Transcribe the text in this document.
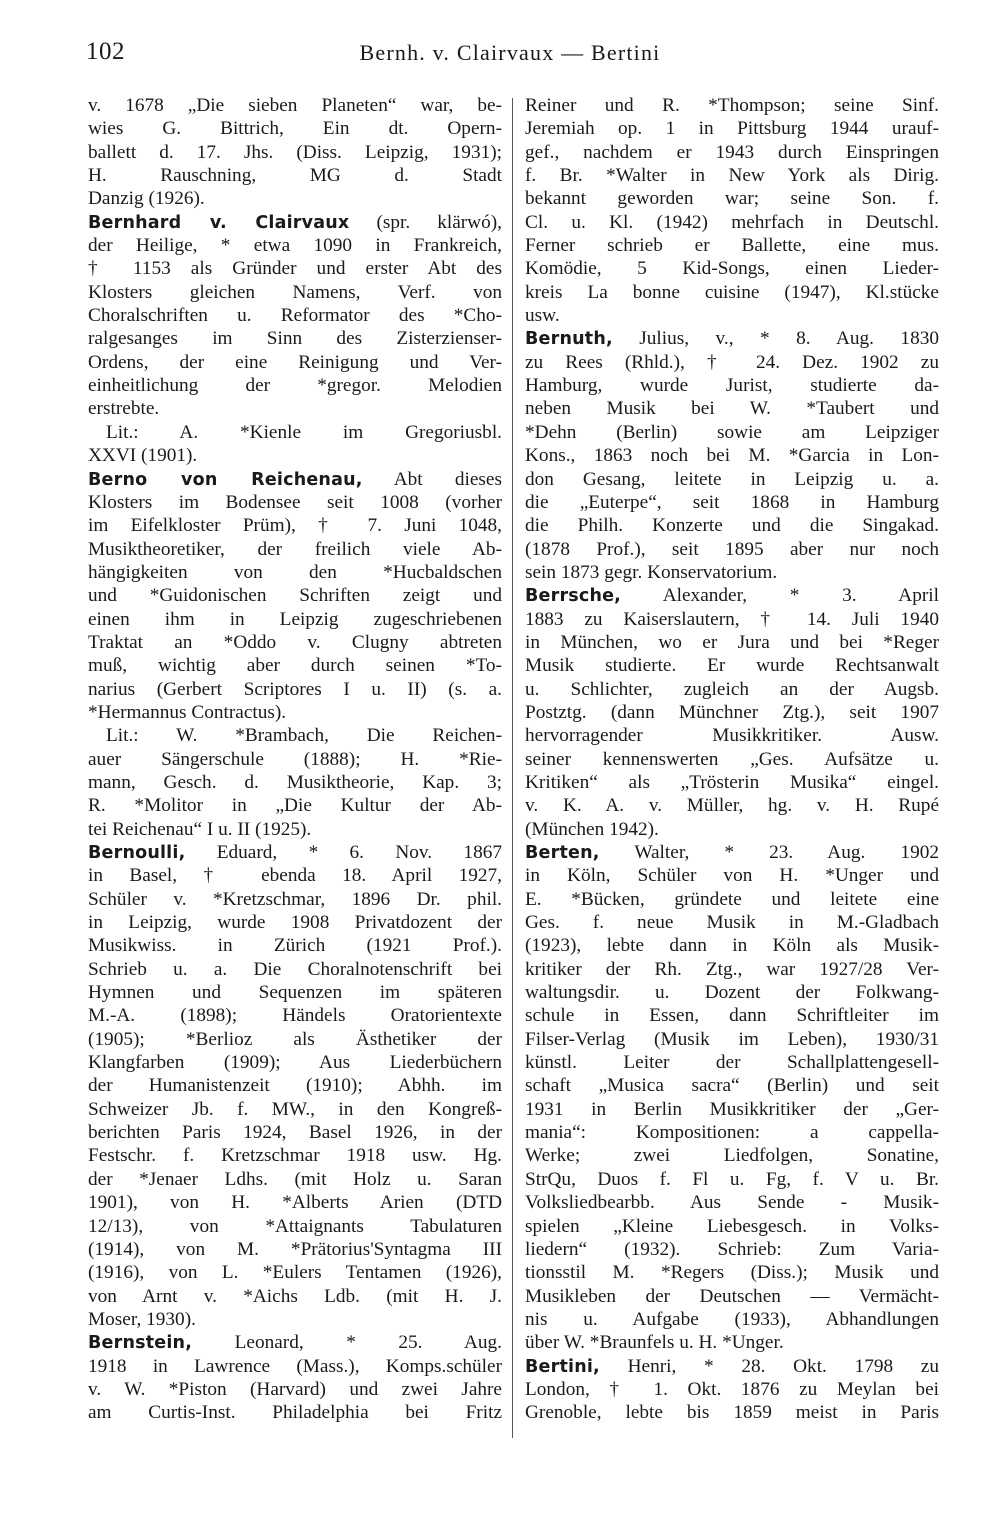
102	Bernh. v. Clairvaux — Bertini
v. 1678 „Die sieben Planeten“ war, be-
wies G. Bittrich, Ein dt. Opern-
ballett d. 17. Jhs. (Diss. Leipzig, 1931);
H. Rauschning, MG d. Stadt
Danzig (1926).
Bernhard v. Clairvaux (spr. klärwó),
der Heilige, * etwa 1090 in Frankreich,
† 1153 als Gründer und erster Abt des
Klosters gleichen Namens, Verf. von
Choralschriften u. Reformator des *Cho-
ralgesanges im Sinn des Zisterzienser-
Ordens, der eine Reinigung und Ver-
einheitlichung der *gregor. Melodien
erstrebte.
Lit.: A. *Kienle im Gregoriusbl.
XXVI (1901).
Berno von Reichenau, Abt dieses
Klosters im Bodensee seit 1008 (vorher
im Eifelkloster Prüm), † 7. Juni 1048,
Musiktheoretiker, der freilich viele Ab-
hängigkeiten von den *Hucbaldschen
und *Guidonischen Schriften zeigt und
einen ihm in Leipzig zugeschriebenen
Traktat an *Oddo v. Clugny abtreten
muß, wichtig aber durch seinen *To-
narius (Gerbert Scriptores I u. II) (s. a.
*Hermannus Contractus).
Lit.: W. *Brambach, Die Reichen-
auer Sängerschule (1888); H. *Rie-
mann, Gesch. d. Musiktheorie, Kap. 3;
R. *Molitor in „Die Kultur der Ab-
tei Reichenau“ I u. II (1925).
Bernoulli, Eduard, * 6. Nov. 1867
in Basel, † ebenda 18. April 1927,
Schüler v. *Kretzschmar, 1896 Dr. phil.
in Leipzig, wurde 1908 Privatdozent der
Musikwiss. in Zürich (1921 Prof.).
Schrieb u. a. Die Choralnotenschrift bei
Hymnen und Sequenzen im späteren
M.-A. (1898); Händels Oratorientexte
(1905); *Berlioz als Ästhetiker der
Klangfarben (1909); Aus Liederbüchern
der Humanistenzeit (1910); Abhh. im
Schweizer Jb. f. MW., in den Kongreß-
berichten Paris 1924, Basel 1926, in der
Festschr. f. Kretzschmar 1918 usw. Hg.
der *Jenaer Ldhs. (mit Holz u. Saran
1901), von H. *Alberts Arien (DTD
12/13), von *Attaignants Tabulaturen
(1914), von M. *Prätorius'Syntagma III
(1916), von L. *Eulers Tentamen (1926),
von Arnt v. *Aichs Ldb. (mit H. J.
Moser, 1930).
Bernstein, Leonard, * 25. Aug.
1918 in Lawrence (Mass.), Komps.schüler
v. W. *Piston (Harvard) und zwei Jahre
am Curtis-Inst. Philadelphia bei Fritz
Reiner und R. *Thompson; seine Sinf.
Jeremiah op. 1 in Pittsburg 1944 urauf-
gef., nachdem er 1943 durch Einspringen
f. Br. *Walter in New York als Dirig.
bekannt geworden war; seine Son. f.
Cl. u. Kl. (1942) mehrfach in Deutschl.
Ferner schrieb er Ballette, eine mus.
Komödie, 5 Kid-Songs, einen Lieder-
kreis La bonne cuisine (1947), Kl.stücke
usw.
Bernuth, Julius, v., * 8. Aug. 1830
zu Rees (Rhld.), † 24. Dez. 1902 zu
Hamburg, wurde Jurist, studierte da-
neben Musik bei W. *Taubert und
*Dehn (Berlin) sowie am Leipziger
Kons., 1863 noch bei M. *Garcia in Lon-
don Gesang, leitete in Leipzig u. a.
die „Euterpe“, seit 1868 in Hamburg
die Philh. Konzerte und die Singakad.
(1878 Prof.), seit 1895 aber nur noch
sein 1873 gegr. Konservatorium.
Berrsche, Alexander, * 3. April
1883 zu Kaiserslautern, † 14. Juli 1940
in München, wo er Jura und bei *Reger
Musik studierte. Er wurde Rechtsanwalt
u. Schlichter, zugleich an der Augsb.
Postztg. (dann Münchner Ztg.), seit 1907
hervorragender Musikkritiker. Ausw.
seiner kennenswerten „Ges. Aufsätze u.
Kritiken“ als „Trösterin Musika“ eingel.
v. K. A. v. Müller, hg. v. H. Rupé
(München 1942).
Berten, Walter, * 23. Aug. 1902
in Köln, Schüler von H. *Unger und
E. *Bücken, gründete und leitete eine
Ges. f. neue Musik in M.-Gladbach
(1923), lebte dann in Köln als Musik-
kritiker der Rh. Ztg., war 1927/28 Ver-
waltungsdir. u. Dozent der Folkwang-
schule in Essen, dann Schriftleiter im
Filser-Verlag (Musik im Leben), 1930/31
künstl. Leiter der Schallplattengesell-
schaft „Musica sacra“ (Berlin) und seit
1931 in Berlin Musikkritiker der „Ger-
mania“: Kompositionen: a cappella-
Werke; zwei Liedfolgen, Sonatine,
StrQu, Duos f. Fl u. Fg, f. V u. Br.
Volksliedbearbb. Aus Sende - Musik-
spielen „Kleine Liebesgesch. in Volks-
liedern“ (1932). Schrieb: Zum Varia-
tionsstil M. *Regers (Diss.); Musik und
Musikleben der Deutschen — Vermächt-
nis u. Aufgabe (1933), Abhandlungen
über W. *Braunfels u. H. *Unger.
Bertini, Henri, * 28. Okt. 1798 zu
London, † 1. Okt. 1876 zu Meylan bei
Grenoble, lebte bis 1859 meist in Paris
